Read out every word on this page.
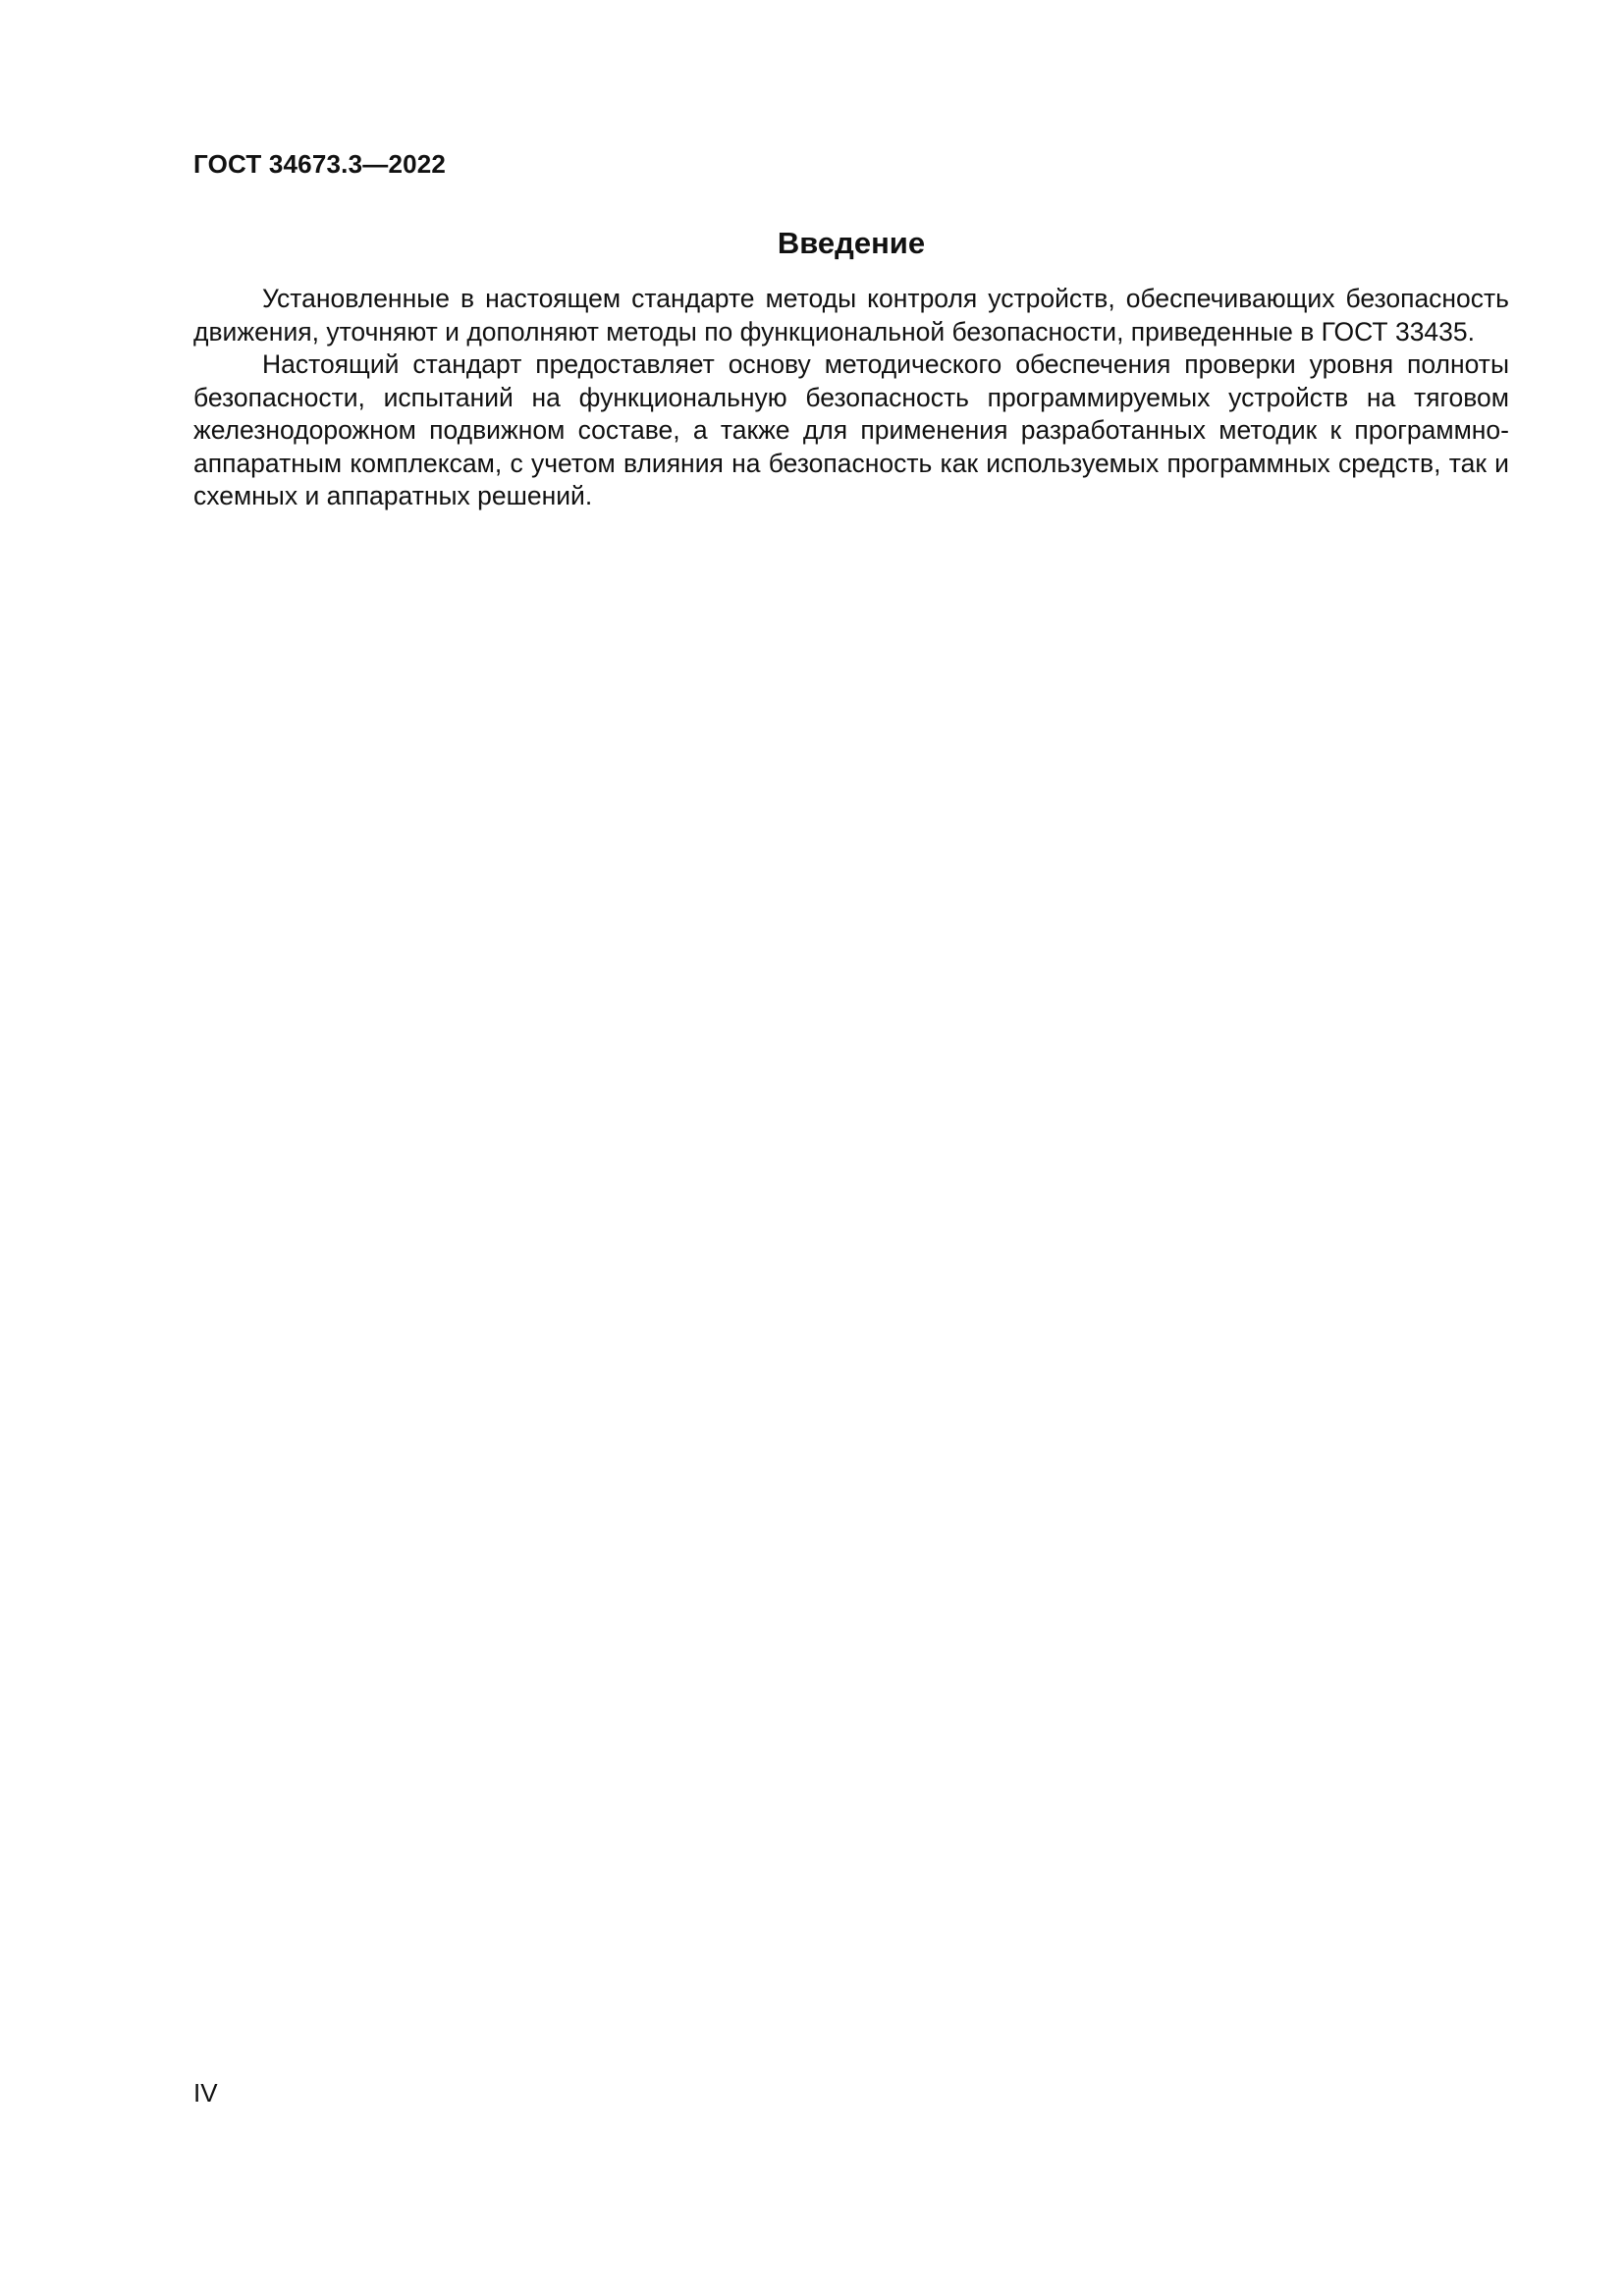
ГОСТ 34673.3—2022
Введение

Установленные в настоящем стандарте методы контроля устройств, обеспечивающих безопасность движения, уточняют и дополняют методы по функциональной безопасности, приведенные в ГОСТ 33435.

Настоящий стандарт предоставляет основу методического обеспечения проверки уровня полноты безопасности, испытаний на функциональную безопасность программируемых устройств на тяговом железнодорожном подвижном составе, а также для применения разработанных методик к программно-аппаратным комплексам, с учетом влияния на безопасность как используемых программных средств, так и схемных и аппаратных решений.

IV
